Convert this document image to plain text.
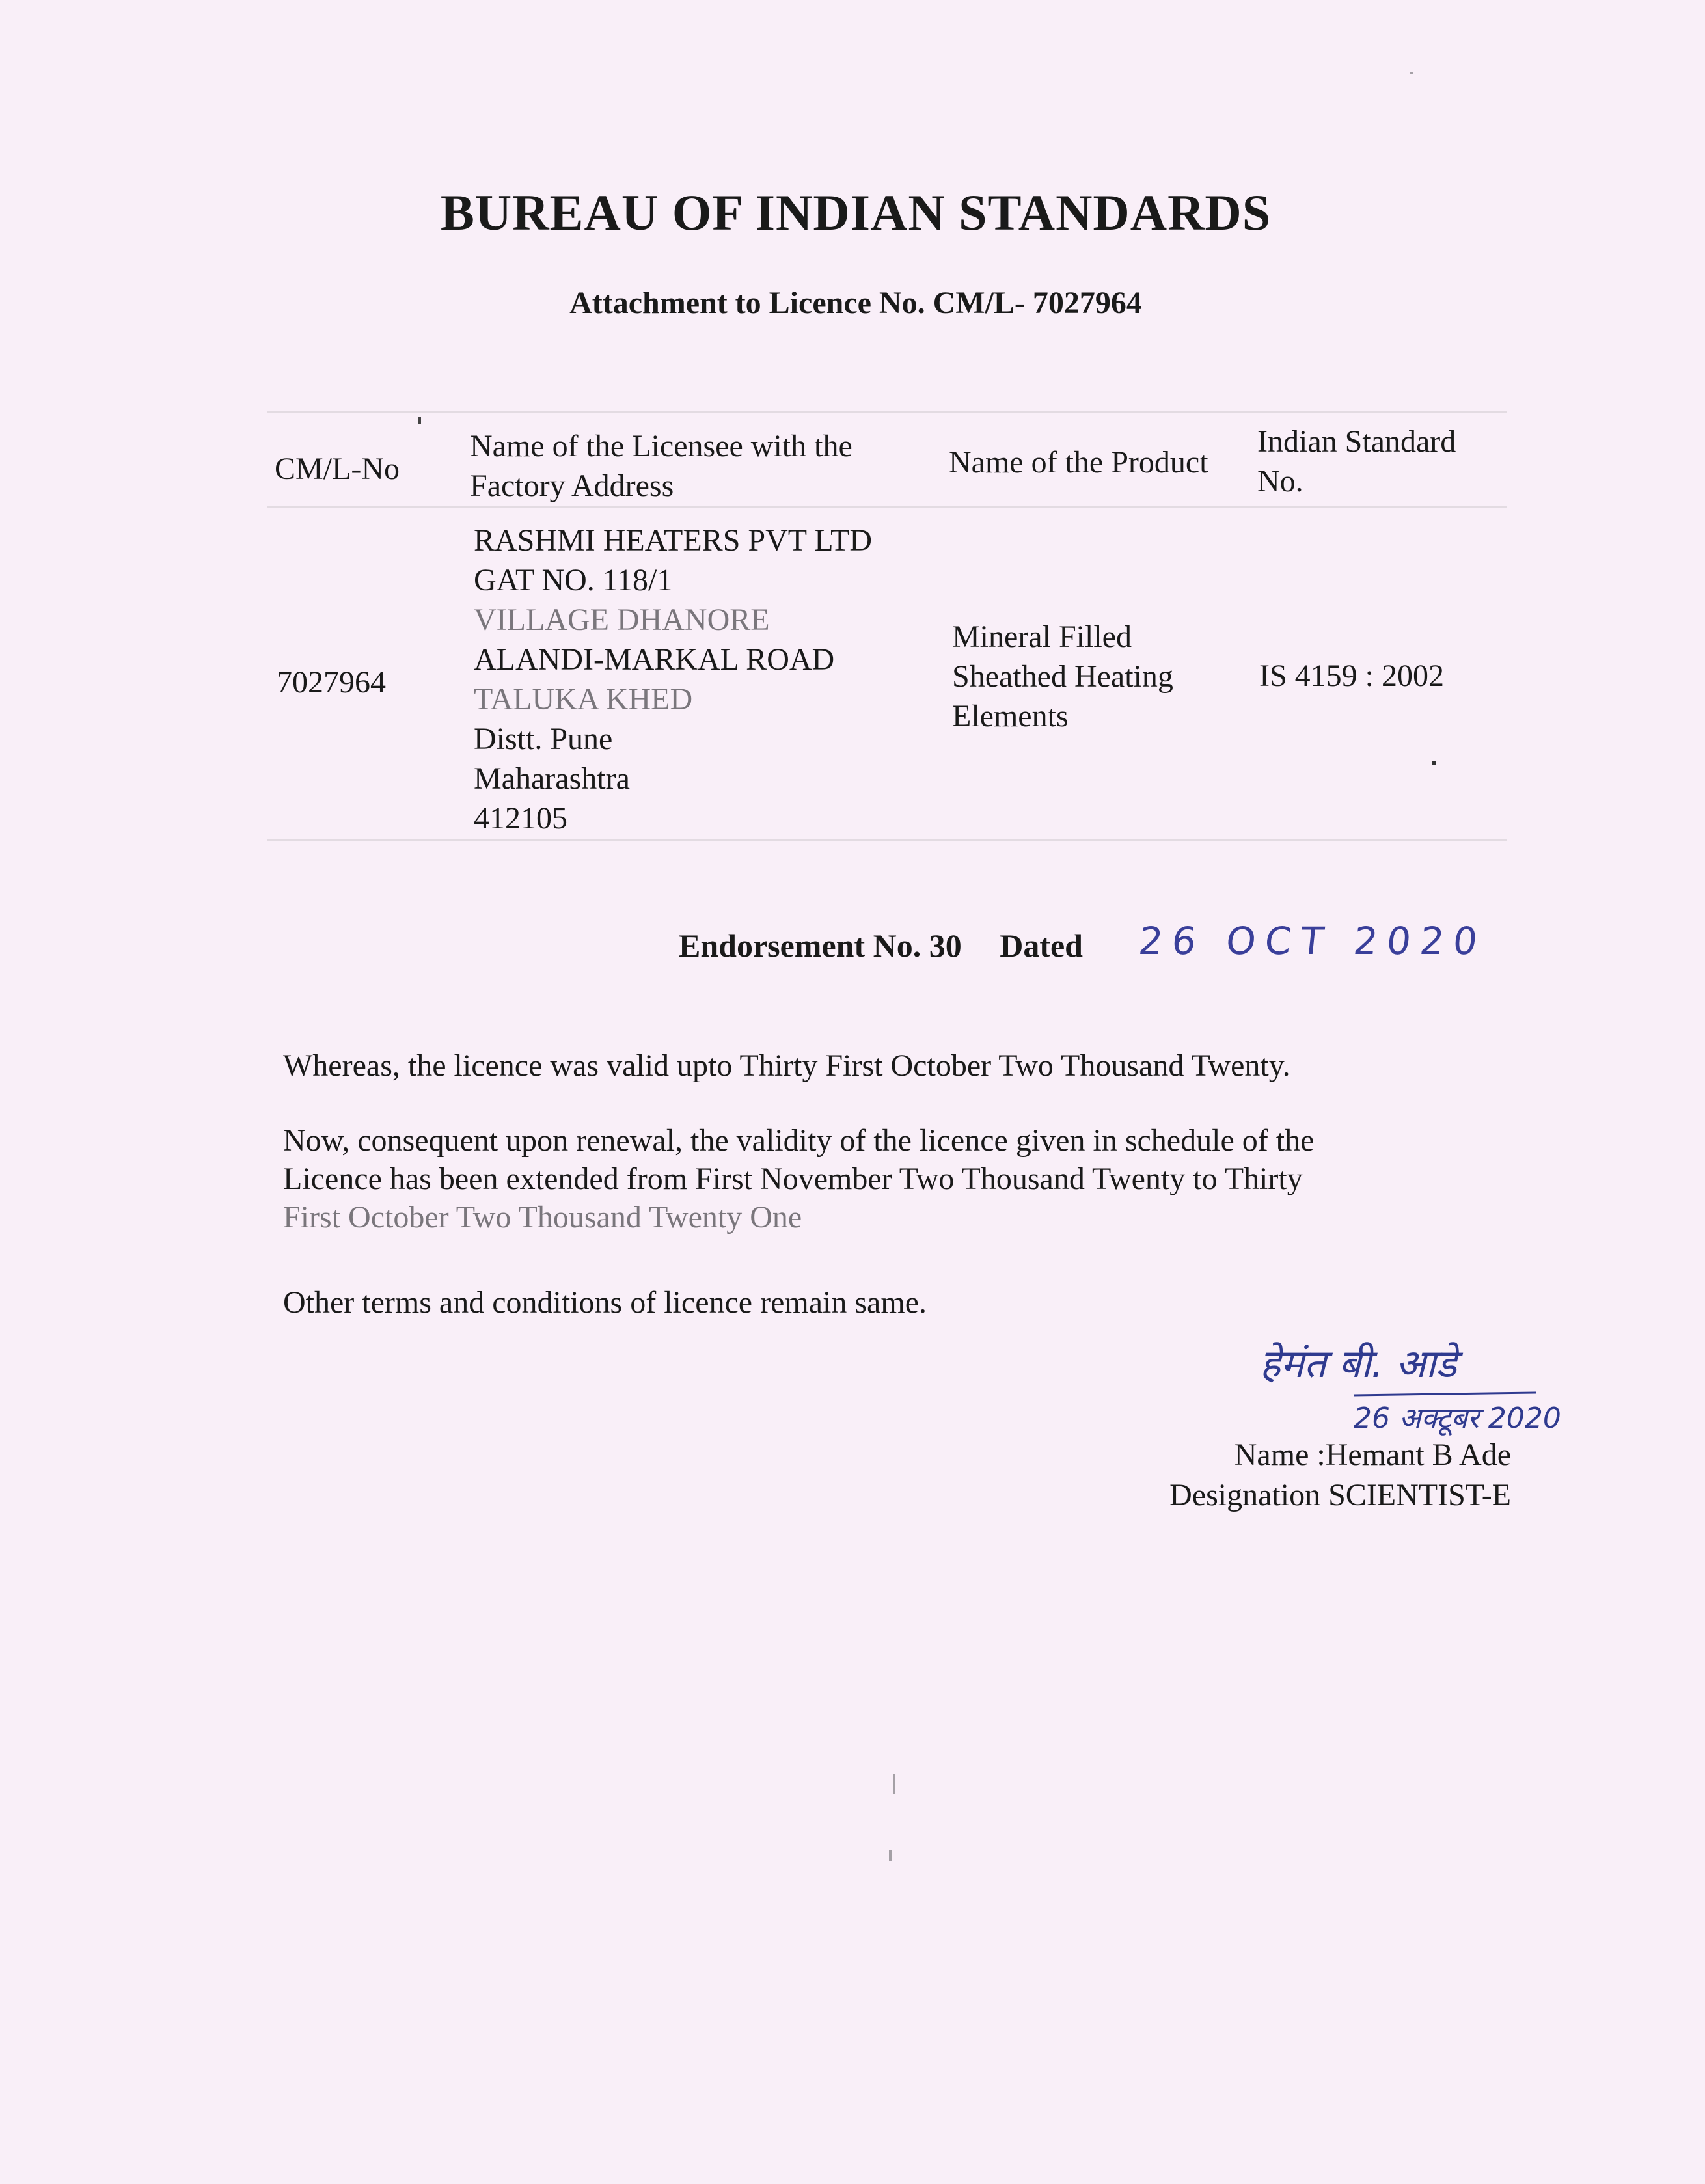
BUREAU OF INDIAN STANDARDS
Attachment to Licence No. CM/L- 7027964
CM/L-No
Name of the Licensee with the
Factory Address
Name of the Product
Indian Standard
No.
7027964
RASHMI HEATERS PVT LTD
GAT NO. 118/1
VILLAGE DHANORE
ALANDI-MARKAL ROAD
TALUKA KHED
Distt. Pune
Maharashtra
412105
Mineral Filled
Sheathed Heating
Elements
IS 4159 : 2002
Endorsement No. 30 Dated 26 OCT 2020
Whereas, the licence was valid upto Thirty First October Two Thousand Twenty.
Now, consequent upon renewal, the validity of the licence given in schedule of the
Licence has been extended from First November Two Thousand Twenty to Thirty
First October Two Thousand Twenty One
Other terms and conditions of licence remain same.
हेमंत बी. आडे
26 अक्टूबर 2020
Name :Hemant B Ade
Designation SCIENTIST-E
